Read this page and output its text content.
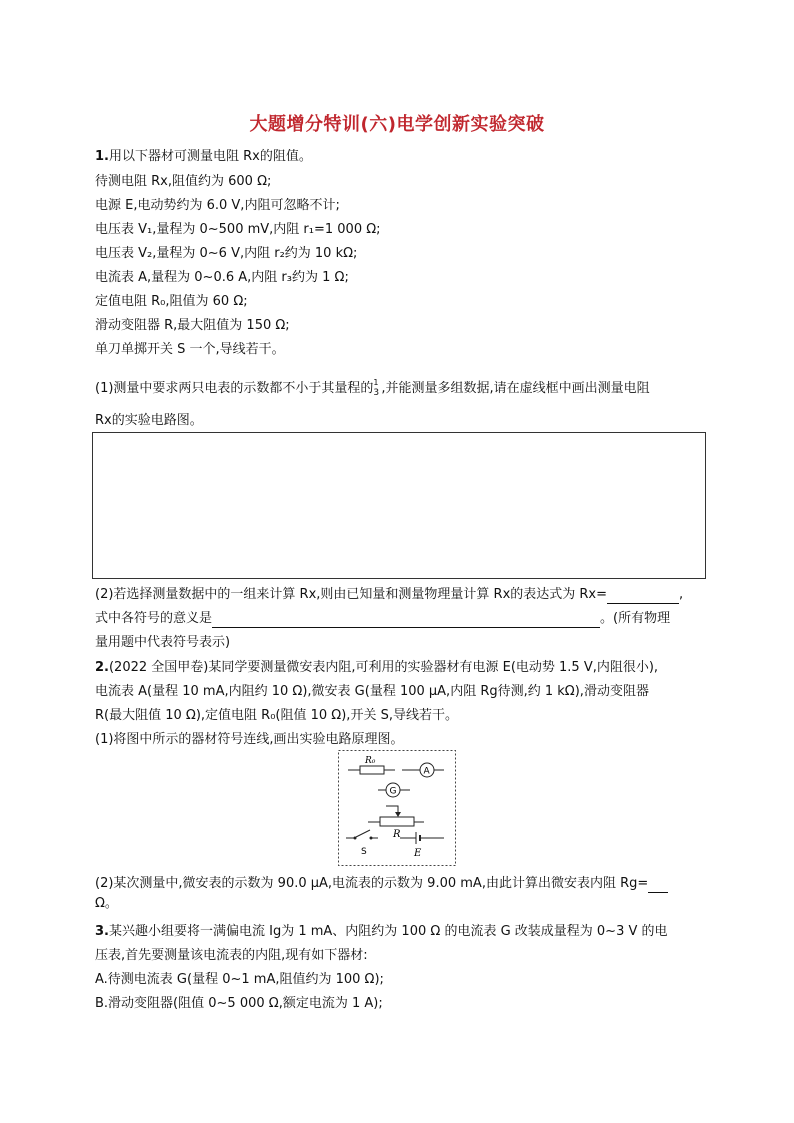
大题增分特训(六)电学创新实验突破
1.用以下器材可测量电阻 Rx的阻值。
待测电阻 Rx,阻值约为 600 Ω;
电源 E,电动势约为 6.0 V,内阻可忽略不计;
电压表 V₁,量程为 0~500 mV,内阻 r₁=1 000 Ω;
电压表 V₂,量程为 0~6 V,内阻 r₂约为 10 kΩ;
电流表 A,量程为 0~0.6 A,内阻 r₃约为 1 Ω;
定值电阻 R₀,阻值为 60 Ω;
滑动变阻器 R,最大阻值为 150 Ω;
单刀单掷开关 S 一个,导线若干。
(1)测量中要求两只电表的示数都不小于其量程的 1
3 ,并能测量多组数据,请在虚线框中画出测量电阻
Rx的实验电路图。
(2)若选择测量数据中的一组来计算 Rx,则由已知量和测量物理量计算 Rx的表达式为 Rx=	,
式中各符号的意义是	。(所有物理
量用题中代表符号表示)
2.(2022 全国甲卷)某同学要测量微安表内阻,可利用的实验器材有电源 E(电动势 1.5 V,内阻很小),
电流表 A(量程 10 mA,内阻约 10 Ω),微安表 G(量程 100 μA,内阻 Rg待测,约 1 kΩ),滑动变阻器
R(最大阻值 10 Ω),定值电阻 R₀(阻值 10 Ω),开关 S,导线若干。
(1)将图中所示的器材符号连线,画出实验电路原理图。
R₀
A
G
R
S	E
(2)某次测量中,微安表的示数为 90.0 μA,电流表的示数为 9.00 mA,由此计算出微安表内阻 Rg=
Ω。
3.某兴趣小组要将一满偏电流 Ig为 1 mA、内阻约为 100 Ω 的电流表 G 改装成量程为 0~3 V 的电
压表,首先要测量该电流表的内阻,现有如下器材:
A.待测电流表 G(量程 0~1 mA,阻值约为 100 Ω);
B.滑动变阻器(阻值 0~5 000 Ω,额定电流为 1 A);
